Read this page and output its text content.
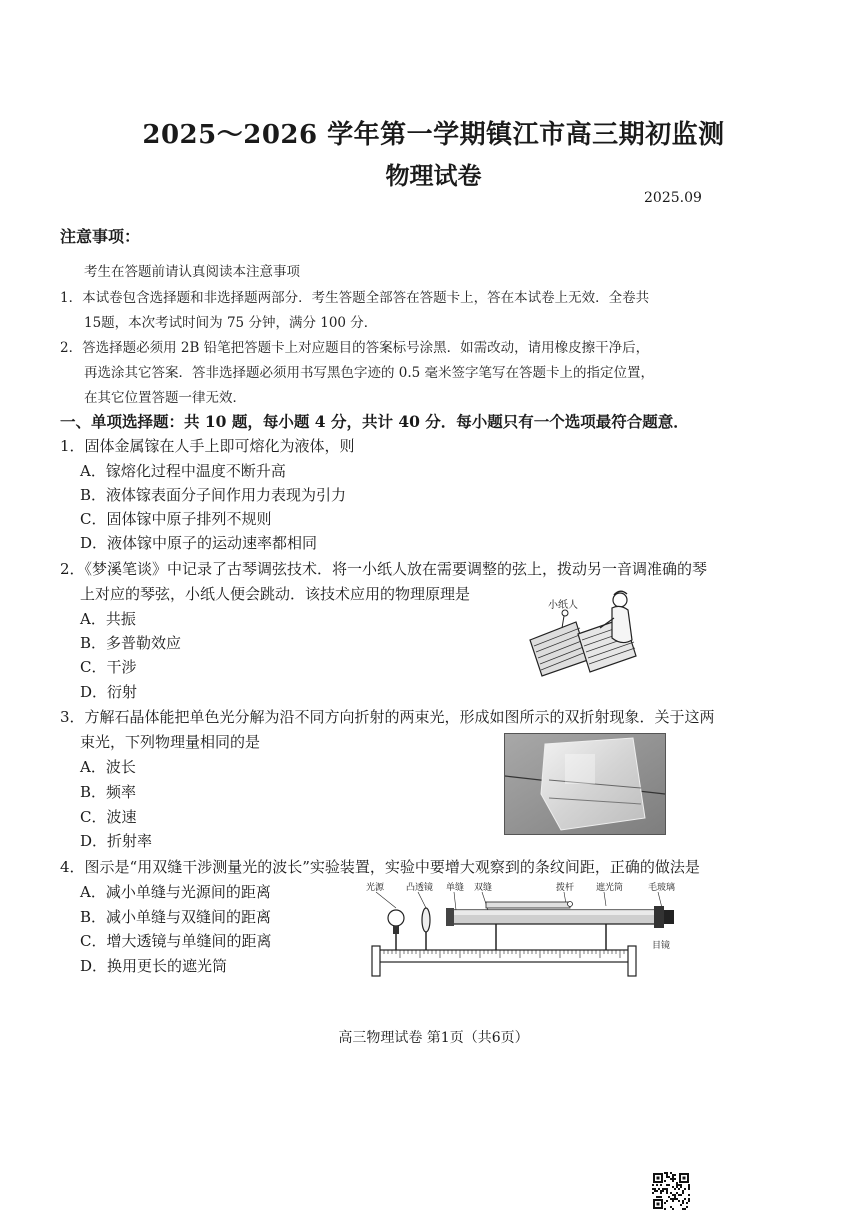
2025～2026 学年第一学期镇江市高三期初监测
物理试卷
2025.09
注意事项：
考生在答题前请认真阅读本注意事项
1．本试卷包含选择题和非选择题两部分．考生答题全部答在答题卡上，答在本试卷上无效．全卷共
15题，本次考试时间为 75 分钟，满分 100 分．
2．答选择题必须用 2B 铅笔把答题卡上对应题目的答案标号涂黑．如需改动，请用橡皮擦干净后，
再选涂其它答案．答非选择题必须用书写黑色字迹的 0.5 毫米签字笔写在答题卡上的指定位置，
在其它位置答题一律无效．
一、单项选择题：共 10 题，每小题 4 分，共计 40 分．每小题只有一个选项最符合题意．
1．固体金属镓在人手上即可熔化为液体，则
A．镓熔化过程中温度不断升高
B．液体镓表面分子间作用力表现为引力
C．固体镓中原子排列不规则
D．液体镓中原子的运动速率都相同
2．《梦溪笔谈》中记录了古琴调弦技术．将一小纸人放在需要调整的弦上，拨动另一音调准确的琴
上对应的琴弦，小纸人便会跳动．该技术应用的物理原理是
A．共振
B．多普勒效应
C．干涉
D．衍射
小纸人
3．方解石晶体能把单色光分解为沿不同方向折射的两束光，形成如图所示的双折射现象．关于这两
束光，下列物理量相同的是
A．波长
B．频率
C．波速
D．折射率
4．图示是“用双缝干涉测量光的波长”实验装置，实验中要增大观察到的条纹间距，正确的做法是
A．减小单缝与光源间的距离
B．减小单缝与双缝间的距离
C．增大透镜与单缝间的距离
D．换用更长的遮光筒
光源 凸透镜 单缝 双缝	拨杆 遮光筒	毛玻璃
目镜
高三物理试卷 第1页（共6页）
